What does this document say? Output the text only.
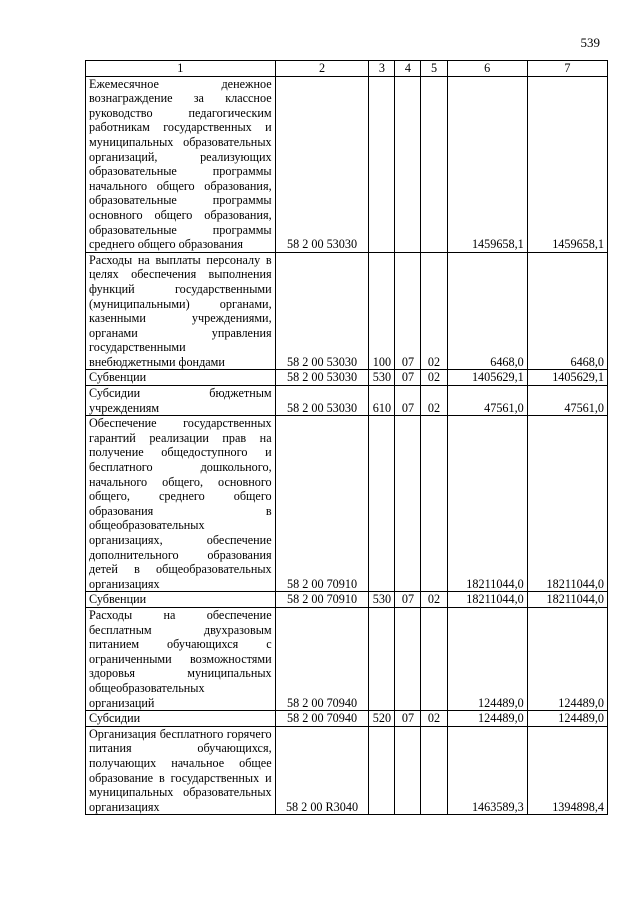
539
1	2	3	4	5	6	7
Ежемесячное денежное вознаграждение за классное руководство педагогическим работникам государственных и муниципальных образовательных организаций, реализующих образовательные программы начального общего образования, образовательные программы основного общего образования, образовательные программы среднего общего образования	58 2 00 53030				1459658,1	1459658,1
Расходы на выплаты персоналу в целях обеспечения выполнения функций государственными (муниципальными) органами, казенными учреждениями, органами управления государственными внебюджетными фондами	58 2 00 53030	100	07	02	6468,0	6468,0
Субвенции	58 2 00 53030	530	07	02	1405629,1	1405629,1
Субсидии бюджетным учреждениям	58 2 00 53030	610	07	02	47561,0	47561,0
Обеспечение государственных гарантий реализации прав на получение общедоступного и бесплатного дошкольного, начального общего, основного общего, среднего общего образования в общеобразовательных организациях, обеспечение дополнительного образования детей в общеобразовательных организациях	58 2 00 70910				18211044,0	18211044,0
Субвенции	58 2 00 70910	530	07	02	18211044,0	18211044,0
Расходы на обеспечение бесплатным двухразовым питанием обучающихся с ограниченными возможностями здоровья муниципальных общеобразовательных организаций	58 2 00 70940				124489,0	124489,0
Субсидии	58 2 00 70940	520	07	02	124489,0	124489,0
Организация бесплатного горячего питания обучающихся, получающих начальное общее образование в государственных и муниципальных образовательных организациях	58 2 00 R3040				1463589,3	1394898,4
